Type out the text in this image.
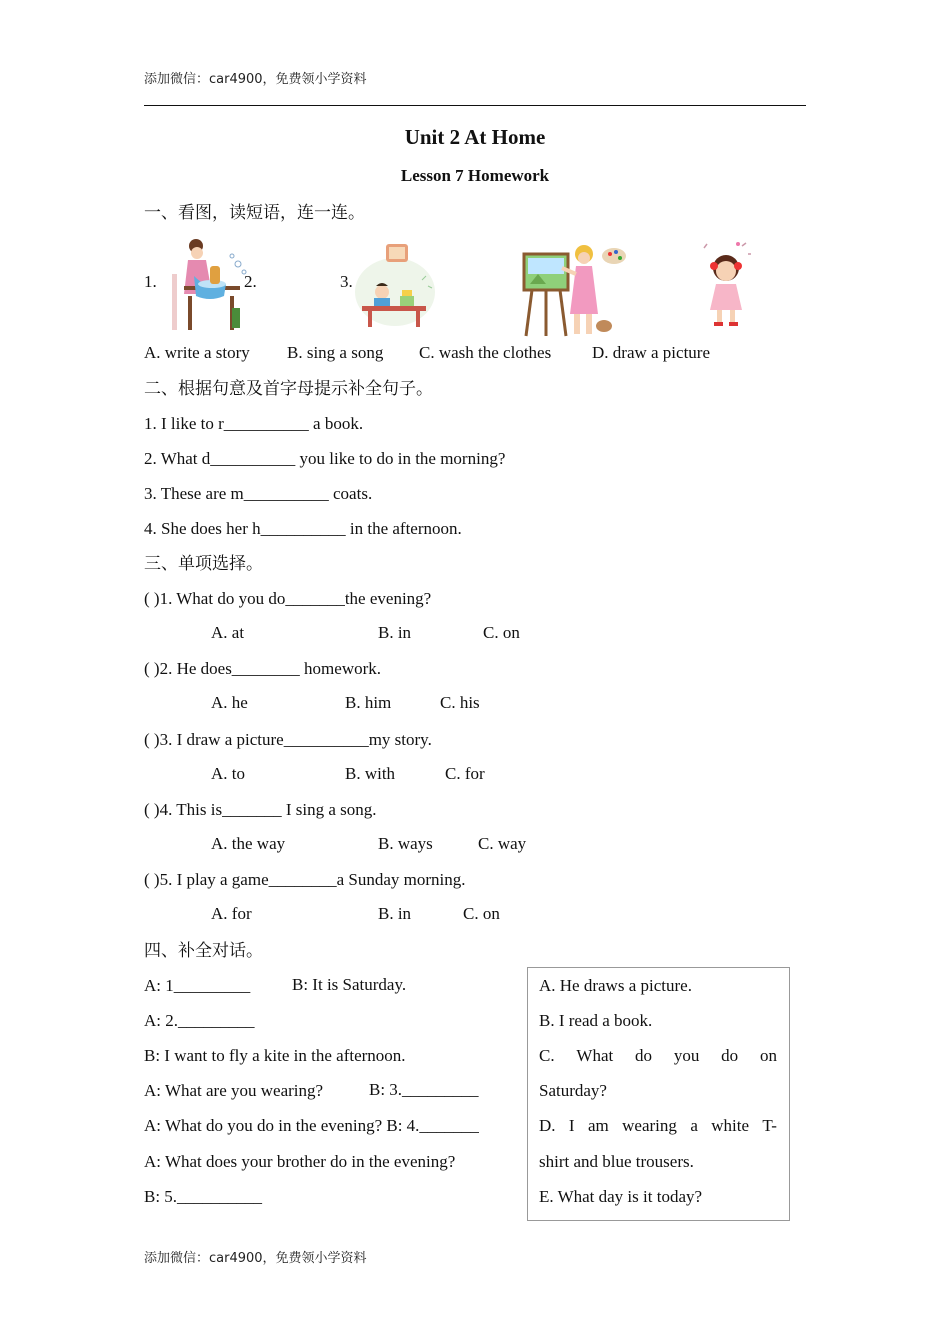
添加微信：car4900，免费领小学资料
Unit 2 At Home
Lesson 7 Homework
一、看图，读短语，连一连。
1.	2.	3.
A. write a story B. sing a song C. wash the clothes D. draw a picture
二、根据句意及首字母提示补全句子。
1. I like to r__________ a book.
2. What d__________ you like to do in the morning?
3. These are m__________ coats.
4. She does her h__________ in the afternoon.
三、单项选择。
( )1. What do you do_______the evening?
A. at	B. in	C. on
( )2. He does________ homework.
A. he	B. him	C. his
( )3. I draw a picture__________my story.
A. to	B. with	C. for
( )4. This is_______ I sing a song.
A. the way	B. ways	C. way
( )5. I play a game________a Sunday morning.
A. for	B. in	C. on
四、补全对话。
A: 1_________ B: It is Saturday.
A: 2._________
B: I want to fly a kite in the afternoon.
A: What are you wearing?	B: 3._________
A: What do you do in the evening? B: 4._______
A: What does your brother do in the evening?
B: 5.__________
A. He draws a picture.
B. I read a book.
C. What do you do on
Saturday?
D. I am wearing a white T-
shirt and blue trousers.
E. What day is it today?
添加微信：car4900，免费领小学资料
